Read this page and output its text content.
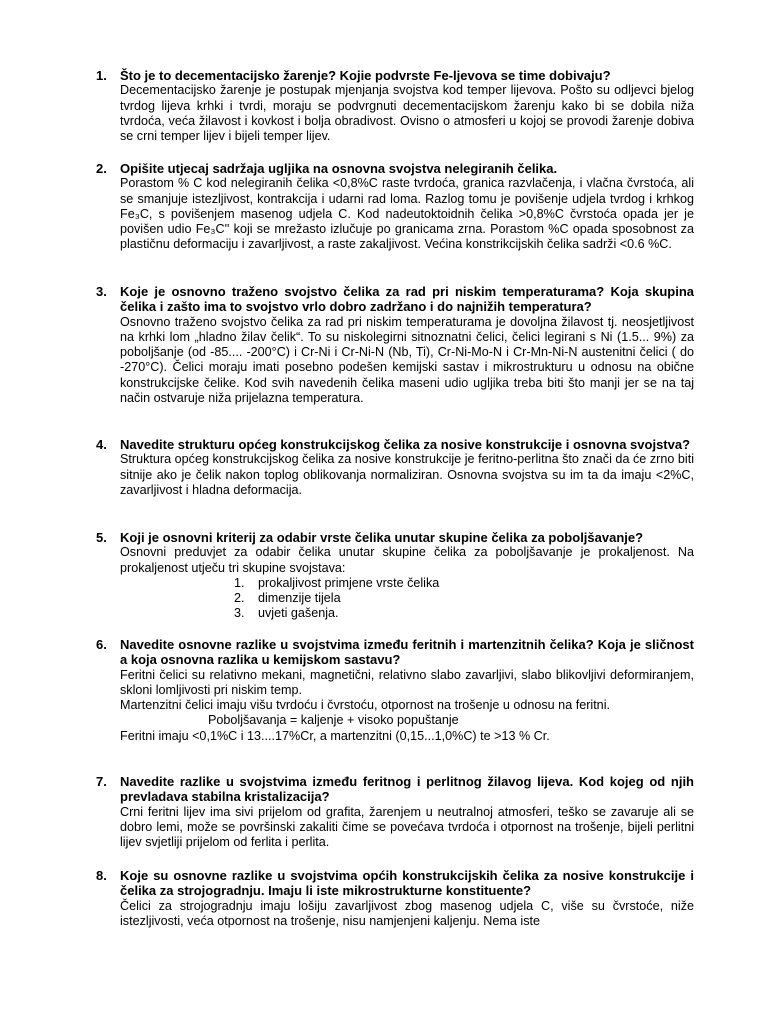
1.	Što je to decementacijsko žarenje? Kojie podvrste Fe-ljevova se time dobivaju?

Decementacijsko žarenje je postupak mjenjanja svojstva kod temper lijevova. Pošto su odljevci bjelog tvrdog lijeva krhki i tvrdi, moraju se podvrgnuti decementacijskom žarenju kako bi se dobila niža tvrdoća, veća žilavost i kovkost i bolja obradivost. Ovisno o atmosferi u kojoj se provodi žarenje dobiva se crni temper lijev i bijeli temper lijev.

2.	Opišite utjecaj sadržaja ugljika na osnovna svojstva nelegiranih čelika.

Porastom % C kod nelegiranih čelika <0,8%C raste tvrdoća, granica razvlačenja, i vlačna čvrstoća, ali se smanjuje istezljivost, kontrakcija i udarni rad loma. Razlog tomu je povišenje udjela tvrdog i krhkog Fe₃C, s povišenjem masenog udjela C. Kod nadeutoktoidnih čelika >0,8%C čvrstoća opada jer je povišen udio Fe₃C'' koji se mrežasto izlučuje po granicama zrna. Porastom %C opada sposobnost za plastičnu deformaciju i zavarljivost, a raste zakaljivost. Većina konstrikcijskih čelika sadrži <0.6 %C.

3.	Koje je osnovno traženo svojstvo čelika za rad pri niskim temperaturama? Koja skupina čelika i zašto ima to svojstvo vrlo dobro zadržano i do najnižih temperatura?

Osnovno traženo svojstvo čelika za rad pri niskim temperaturama je dovoljna žilavost tj. neosjetljivost na krhki lom „hladno žilav čelik“. To su niskolegirni sitnoznatni čelici, čelici legirani s Ni (1.5... 9%) za poboljšanje (od -85.... -200°C) i Cr-Ni i Cr-Ni-N (Nb, Ti), Cr-Ni-Mo-N i Cr-Mn-Ni-N austenitni čelici ( do -270°C). Čelici moraju imati posebno podešen kemijski sastav i mikrostrukturu u odnosu na obične konstrukcijske čelike. Kod svih navedenih čelika maseni udio ugljika treba biti što manji jer se na taj način ostvaruje niža prijelazna temperatura.

4.	Navedite strukturu općeg konstrukcijskog čelika za nosive konstrukcije i osnovna svojstva?

Struktura općeg konstrukcijskog čelika za nosive konstrukcije je feritno-perlitna što znači da će zrno biti sitnije ako je čelik nakon toplog oblikovanja normaliziran. Osnovna svojstva su im ta da imaju <2%C, zavarljivost i hladna deformacija.

5.	Koji je osnovni kriterij za odabir vrste čelika unutar skupine čelika za poboljšavanje?

Osnovni preduvjet za odabir čelika unutar skupine čelika za poboljšavanje je prokaljenost. Na prokaljenost utječu tri skupine svojstava:

1. prokaljivost primjene vrste čelika
2. dimenzije tijela
3. uvjeti gašenja.
6.	Navedite osnovne razlike u svojstvima između feritnih i martenzitnih čelika? Koja je sličnost a koja osnovna razlika u kemijskom sastavu?

Feritni čelici su relativno mekani, magnetični, relativno slabo zavarljivi, slabo blikovljivi deformiranjem, skloni lomljivosti pri niskim temp.

Martenzitni čelici imaju višu tvrdoću i čvrstoću, otpornost na trošenje u odnosu na feritni.

Poboljšavanja = kaljenje + visoko popuštanje

Feritni imaju <0,1%C i 13....17%Cr, a martenzitni (0,15...1,0%C) te >13 % Cr.

7.	Navedite razlike u svojstvima između feritnog i perlitnog žilavog lijeva. Kod kojeg od njih prevladava stabilna kristalizacija?

Crni feritni lijev ima sivi prijelom od grafita, žarenjem u neutralnoj atmosferi, teško se zavaruje ali se dobro lemi, može se površinski zakaliti čime se povećava tvrdoća i otpornost na trošenje, bijeli perlitni lijev svjetliji prijelom od ferlita i perlita.

8.	Koje su osnovne razlike u svojstvima općih konstrukcijskih čelika za nosive konstrukcije i čelika za strojogradnju. Imaju li iste mikrostrukturne konstituente?

Čelici za strojogradnju imaju lošiju zavarljivost zbog masenog udjela C, više su čvrstoće, niže istezljivosti, veća otpornost na trošenje, nisu namjenjeni kaljenju. Nema iste
